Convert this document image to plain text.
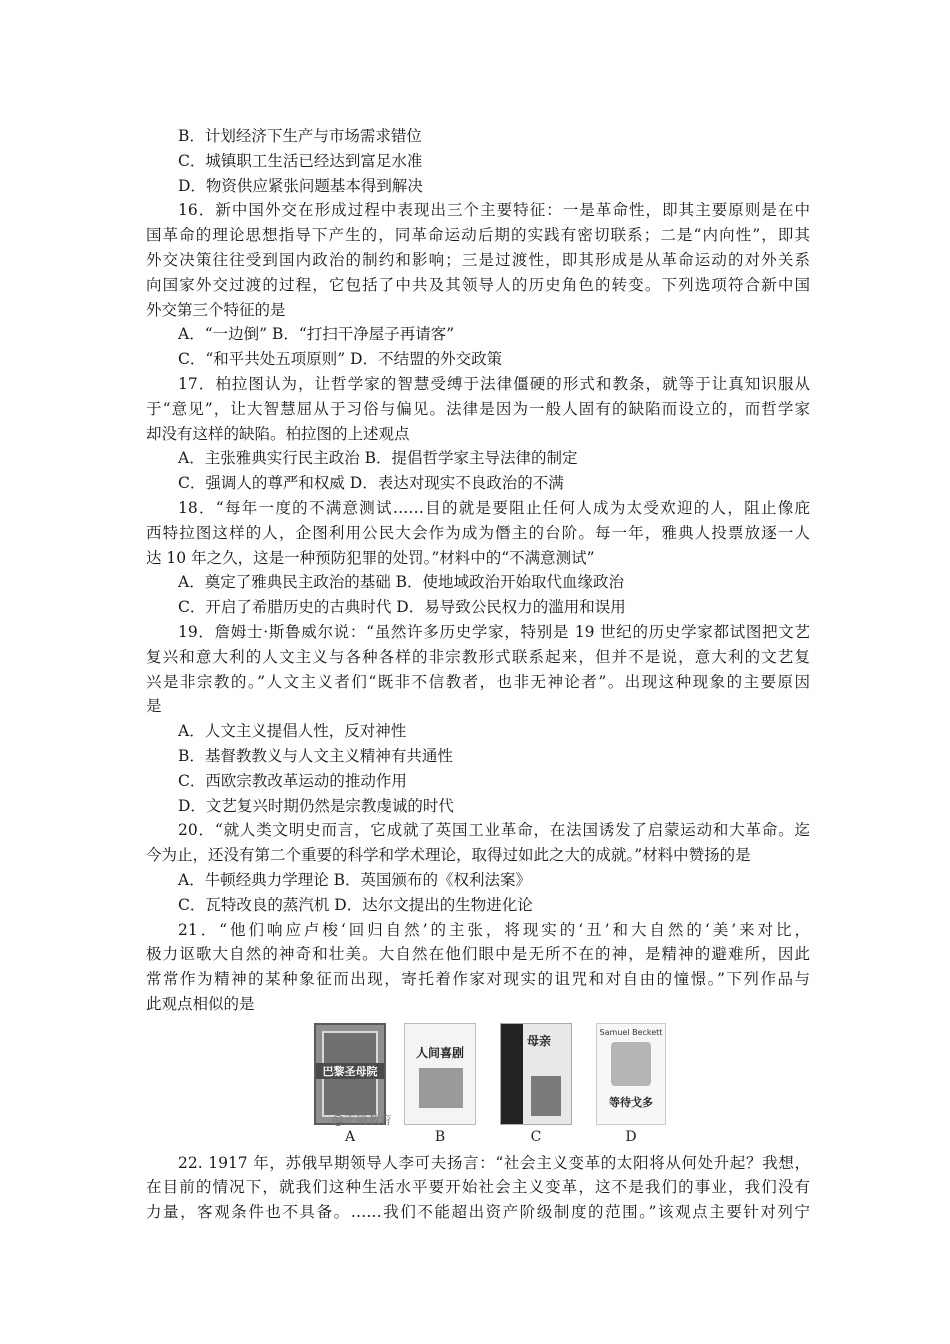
B．计划经济下生产与市场需求错位
C．城镇职工生活已经达到富足水准
D．物资供应紧张问题基本得到解决
16．新中国外交在形成过程中表现出三个主要特征：一是革命性，即其主要原则是在中
国革命的理论思想指导下产生的，同革命运动后期的实践有密切联系；二是“内向性”，即其
外交决策往往受到国内政治的制约和影响；三是过渡性，即其形成是从革命运动的对外关系
向国家外交过渡的过程，它包括了中共及其领导人的历史角色的转变。下列选项符合新中国
外交第三个特征的是
A．“一边倒” B．“打扫干净屋子再请客”
C．“和平共处五项原则” D．不结盟的外交政策
17．柏拉图认为，让哲学家的智慧受缚于法律僵硬的形式和教条，就等于让真知识服从
于“意见”，让大智慧屈从于习俗与偏见。法律是因为一般人固有的缺陷而设立的，而哲学家
却没有这样的缺陷。柏拉图的上述观点
A．主张雅典实行民主政治 B．提倡哲学家主导法律的制定
C．强调人的尊严和权威 D．表达对现实不良政治的不满
18．“每年一度的不满意测试……目的就是要阻止任何人成为太受欢迎的人，阻止像庇
西特拉图这样的人，企图利用公民大会作为成为僭主的台阶。每一年，雅典人投票放逐一人
达 10 年之久，这是一种预防犯罪的处罚。”材料中的“不满意测试”
A．奠定了雅典民主政治的基础 B．使地域政治开始取代血缘政治
C．开启了希腊历史的古典时代 D．易导致公民权力的滥用和误用
19．詹姆士·斯鲁威尔说：“虽然许多历史学家，特别是 19 世纪的历史学家都试图把文艺
复兴和意大利的人文主义与各种各样的非宗教形式联系起来，但并不是说，意大利的文艺复
兴是非宗教的。”人文主义者们“既非不信教者，也非无神论者”。出现这种现象的主要原因
是
A．人文主义提倡人性，反对神性
B．基督教教义与人文主义精神有共通性
C．西欧宗教改革运动的推动作用
D．文艺复兴时期仍然是宗教虔诚的时代
20．“就人类文明史而言，它成就了英国工业革命，在法国诱发了启蒙运动和大革命。迄
今为止，还没有第二个重要的科学和学术理论，取得过如此之大的成就。”材料中赞扬的是
A．牛顿经典力学理论 B．英国颁布的《权利法案》
C．瓦特改良的蒸汽机 D．达尔文提出的生物进化论
21．“他们响应卢梭‘回归自然’的主张，将现实的‘丑’和大自然的‘美’来对比，
极力讴歌大自然的神奇和壮美。大自然在他们眼中是无所不在的神，是精神的避难所，因此
常常作为精神的某种象征而出现，寄托着作家对现实的诅咒和对自由的憧憬。”下列作品与
此观点相似的是
巴黎圣母院
人间喜剧
母亲
Samuel Beckett
等待戈多
@正确教育
A	B	C	D
22. 1917 年，苏俄早期领导人李可夫扬言：“社会主义变革的太阳将从何处升起？我想，
在目前的情况下，就我们这种生活水平要开始社会主义变革，这不是我们的事业，我们没有
力量，客观条件也不具备。……我们不能超出资产阶级制度的范围。”该观点主要针对列宁
